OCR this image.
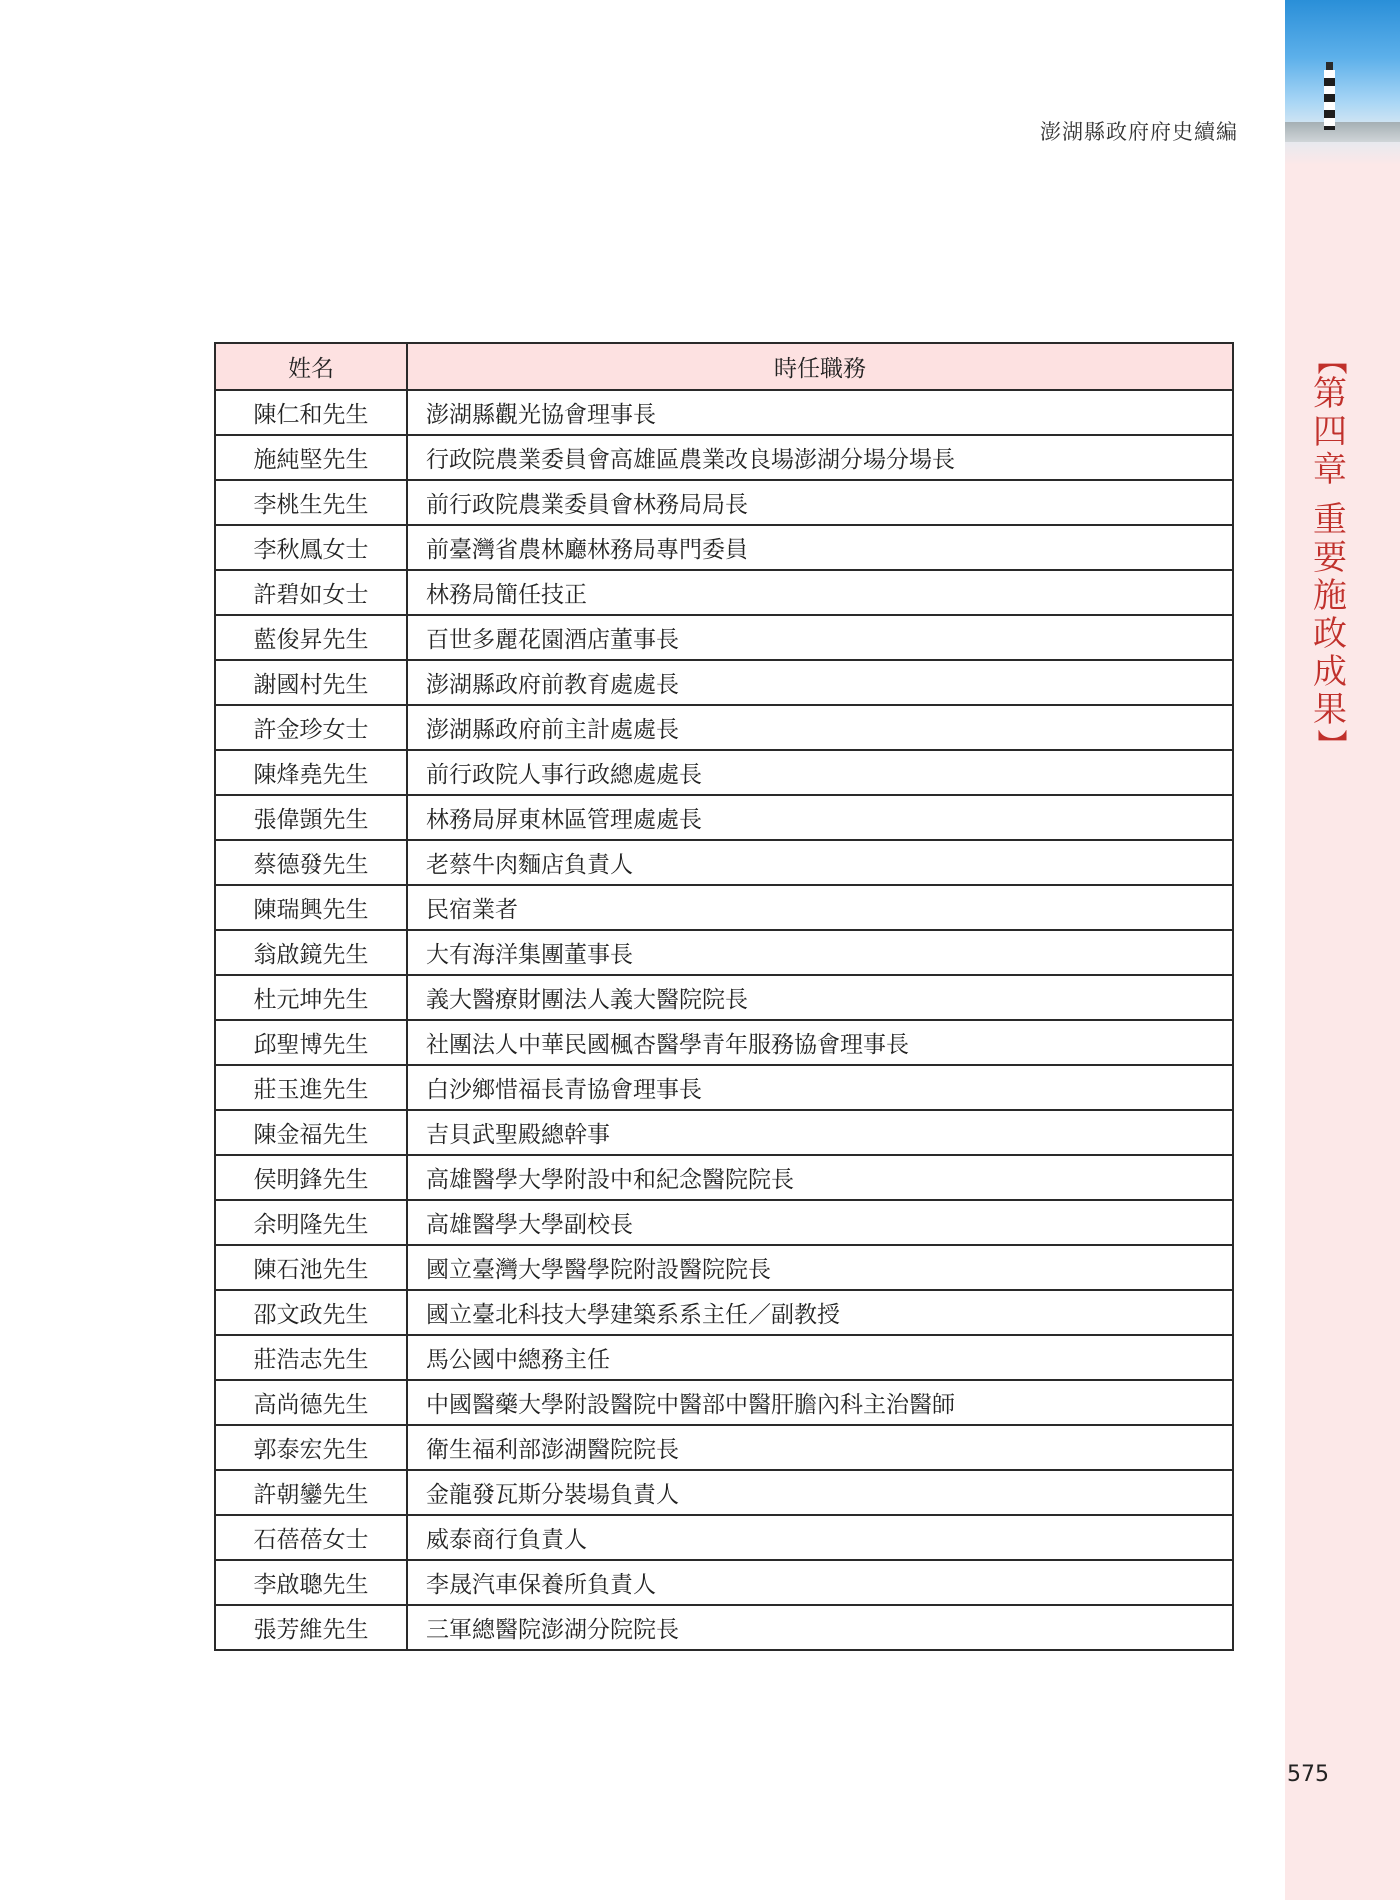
澎湖縣政府府史續編
【
第
四
章
重
要
施
政
成
果
】
姓名	時任職務
陳仁和先生	澎湖縣觀光協會理事長
施純堅先生	行政院農業委員會高雄區農業改良場澎湖分場分場長
李桃生先生	前行政院農業委員會林務局局長
李秋鳳女士	前臺灣省農林廳林務局專門委員
許碧如女士	林務局簡任技正
藍俊昇先生	百世多麗花園酒店董事長
謝國村先生	澎湖縣政府前教育處處長
許金珍女士	澎湖縣政府前主計處處長
陳烽堯先生	前行政院人事行政總處處長
張偉顗先生	林務局屏東林區管理處處長
蔡德發先生	老蔡牛肉麵店負責人
陳瑞興先生	民宿業者
翁啟鏡先生	大有海洋集團董事長
杜元坤先生	義大醫療財團法人義大醫院院長
邱聖博先生	社團法人中華民國楓杏醫學青年服務協會理事長
莊玉進先生	白沙鄉惜福長青協會理事長
陳金福先生	吉貝武聖殿總幹事
侯明鋒先生	高雄醫學大學附設中和紀念醫院院長
余明隆先生	高雄醫學大學副校長
陳石池先生	國立臺灣大學醫學院附設醫院院長
邵文政先生	國立臺北科技大學建築系系主任／副教授
莊浩志先生	馬公國中總務主任
高尚德先生	中國醫藥大學附設醫院中醫部中醫肝膽內科主治醫師
郭泰宏先生	衛生福利部澎湖醫院院長
許朝鑾先生	金龍發瓦斯分裝場負責人
石蓓蓓女士	威泰商行負責人
李啟聰先生	李晟汽車保養所負責人
張芳維先生	三軍總醫院澎湖分院院長
575
